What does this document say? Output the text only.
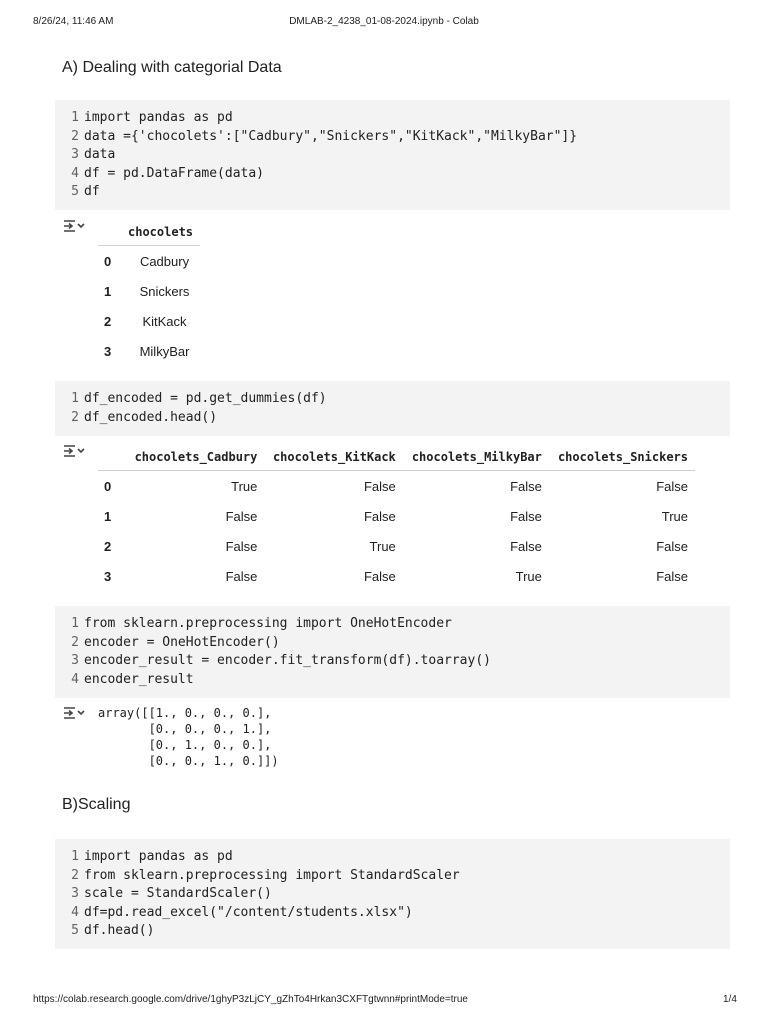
8/26/24, 11:46 AM	DMLAB-2_4238_01-08-2024.ipynb - Colab
A) Dealing with categorial Data
1 import pandas as pd
2 data ={'chocolets':["Cadbury","Snickers","KitKack","MilkyBar"]}
3 data
4 df = pd.DataFrame(data)
5 df
	chocolets
0	Cadbury
1	Snickers
2	KitKack
3	MilkyBar
1 df_encoded = pd.get_dummies(df)
2 df_encoded.head()
	chocolets_Cadbury	chocolets_KitKack	chocolets_MilkyBar	chocolets_Snickers
0	True	False	False	False
1	False	False	False	True
2	False	True	False	False
3	False	False	True	False
1 from sklearn.preprocessing import OneHotEncoder
2 encoder = OneHotEncoder()
3 encoder_result = encoder.fit_transform(df).toarray()
4 encoder_result
array([[1., 0., 0., 0.],
[0., 0., 0., 1.],
[0., 1., 0., 0.],
[0., 0., 1., 0.]])
B)Scaling
1 import pandas as pd
2 from sklearn.preprocessing import StandardScaler
3 scale = StandardScaler()
4 df=pd.read_excel("/content/students.xlsx")
5 df.head()
https://colab.research.google.com/drive/1ghyP3zLjCY_gZhTo4Hrkan3CXFTgtwnn#printMode=true	1/4
